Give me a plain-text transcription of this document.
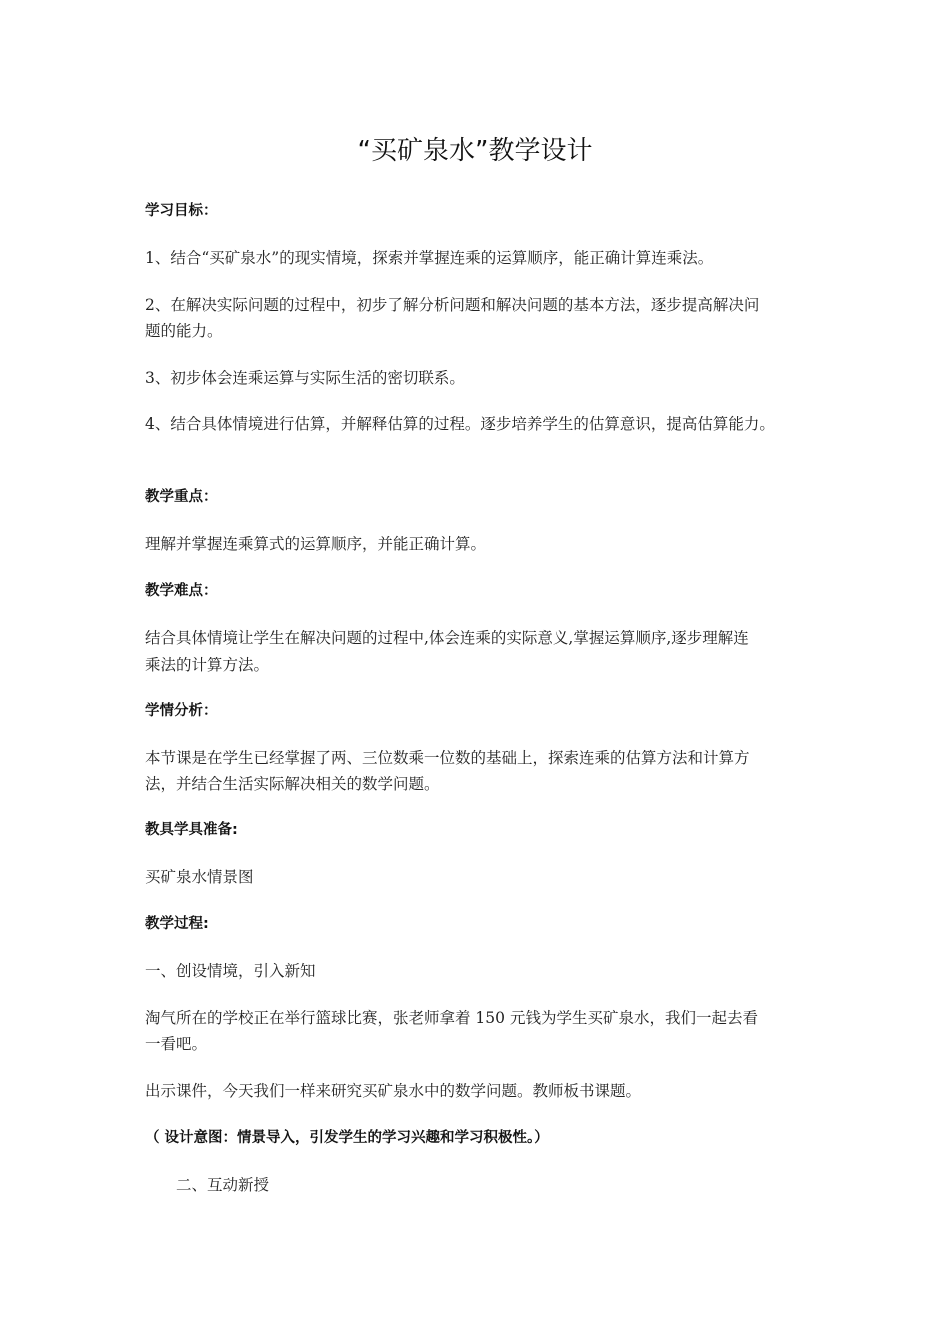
“买矿泉水”教学设计
学习目标：
1、结合“买矿泉水”的现实情境，探索并掌握连乘的运算顺序，能正确计算连乘法。
2、在解决实际问题的过程中，初步了解分析问题和解决问题的基本方法，逐步提高解决问
题的能力。
3、初步体会连乘运算与实际生活的密切联系。
4、结合具体情境进行估算，并解释估算的过程。逐步培养学生的估算意识，提高估算能力。
教学重点：
理解并掌握连乘算式的运算顺序，并能正确计算。
教学难点：
结合具体情境让学生在解决问题的过程中,体会连乘的实际意义,掌握运算顺序,逐步理解连
乘法的计算方法。
学情分析：
本节课是在学生已经掌握了两、三位数乘一位数的基础上，探索连乘的估算方法和计算方
法，并结合生活实际解决相关的数学问题。
教具学具准备:
买矿泉水情景图
教学过程:
一、创设情境，引入新知
淘气所在的学校正在举行篮球比赛，张老师拿着 150 元钱为学生买矿泉水，我们一起去看
一看吧。
出示课件，今天我们一样来研究买矿泉水中的数学问题。教师板书课题。
（ 设计意图：情景导入，引发学生的学习兴趣和学习积极性。）
二、互动新授
